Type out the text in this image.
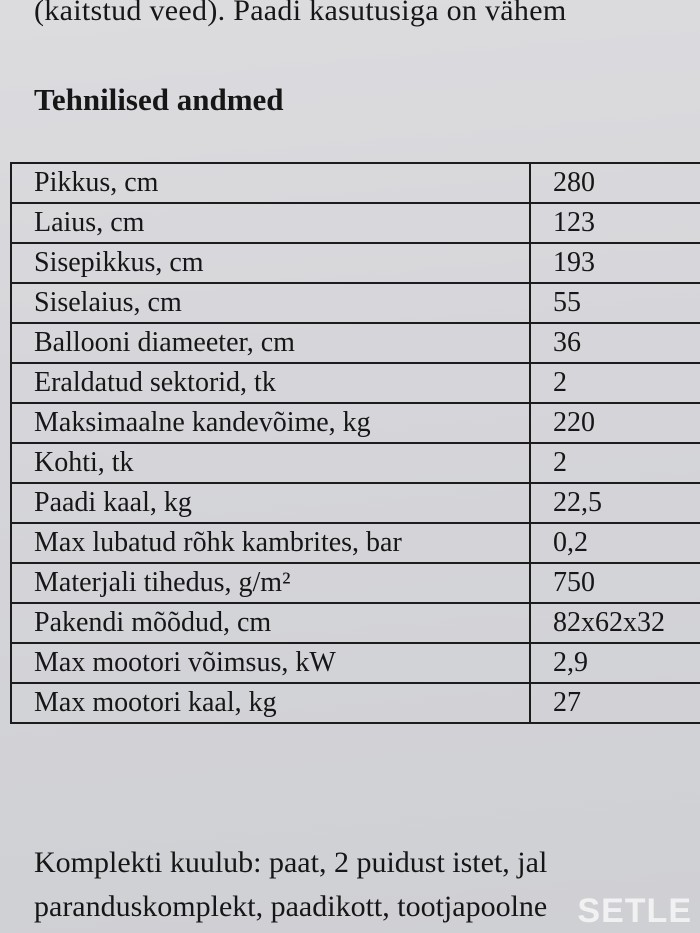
(kaitstud veed). Paadi kasutusiga on vähem
Tehnilised andmed
Pikkus, cm	280
Laius, cm	123
Sisepikkus, cm	193
Siselaius, cm	55
Ballooni diameeter, cm	36
Eraldatud sektorid, tk	2
Maksimaalne kandevõime, kg	220
Kohti, tk	2
Paadi kaal, kg	22,5
Max lubatud rõhk kambrites, bar	0,2
Materjali tihedus, g/m²	750
Pakendi mõõdud, cm	82x62x32
Max mootori võimsus, kW	2,9
Max mootori kaal, kg	27
Komplekti kuulub: paat, 2 puidust istet, jal
paranduskomplekt, paadikott, tootjapoolne SETLE
